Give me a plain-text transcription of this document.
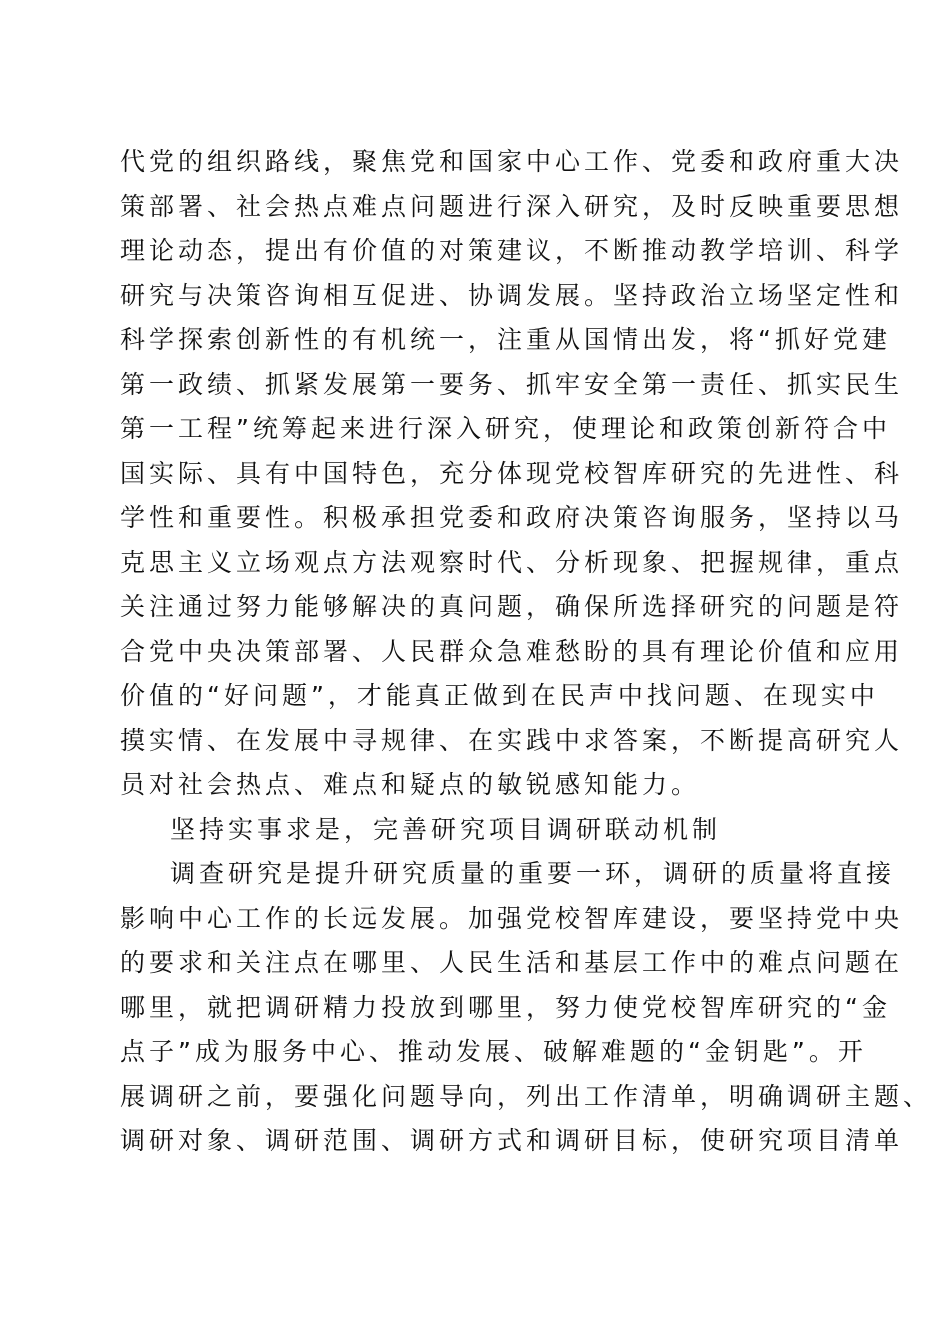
代党的组织路线，聚焦党和国家中心工作、党委和政府重大决
策部署、社会热点难点问题进行深入研究，及时反映重要思想
理论动态，提出有价值的对策建议，不断推动教学培训、科学
研究与决策咨询相互促进、协调发展。坚持政治立场坚定性和
科学探索创新性的有机统一，注重从国情出发，将“抓好党建
第一政绩、抓紧发展第一要务、抓牢安全第一责任、抓实民生
第一工程”统筹起来进行深入研究，使理论和政策创新符合中
国实际、具有中国特色，充分体现党校智库研究的先进性、科
学性和重要性。积极承担党委和政府决策咨询服务，坚持以马
克思主义立场观点方法观察时代、分析现象、把握规律，重点
关注通过努力能够解决的真问题，确保所选择研究的问题是符
合党中央决策部署、人民群众急难愁盼的具有理论价值和应用
价值的“好问题”，才能真正做到在民声中找问题、在现实中
摸实情、在发展中寻规律、在实践中求答案，不断提高研究人
员对社会热点、难点和疑点的敏锐感知能力。
坚持实事求是，完善研究项目调研联动机制
调查研究是提升研究质量的重要一环，调研的质量将直接
影响中心工作的长远发展。加强党校智库建设，要坚持党中央
的要求和关注点在哪里、人民生活和基层工作中的难点问题在
哪里，就把调研精力投放到哪里，努力使党校智库研究的“金
点子”成为服务中心、推动发展、破解难题的“金钥匙”。开
展调研之前，要强化问题导向，列出工作清单，明确调研主题、
调研对象、调研范围、调研方式和调研目标，使研究项目清单
